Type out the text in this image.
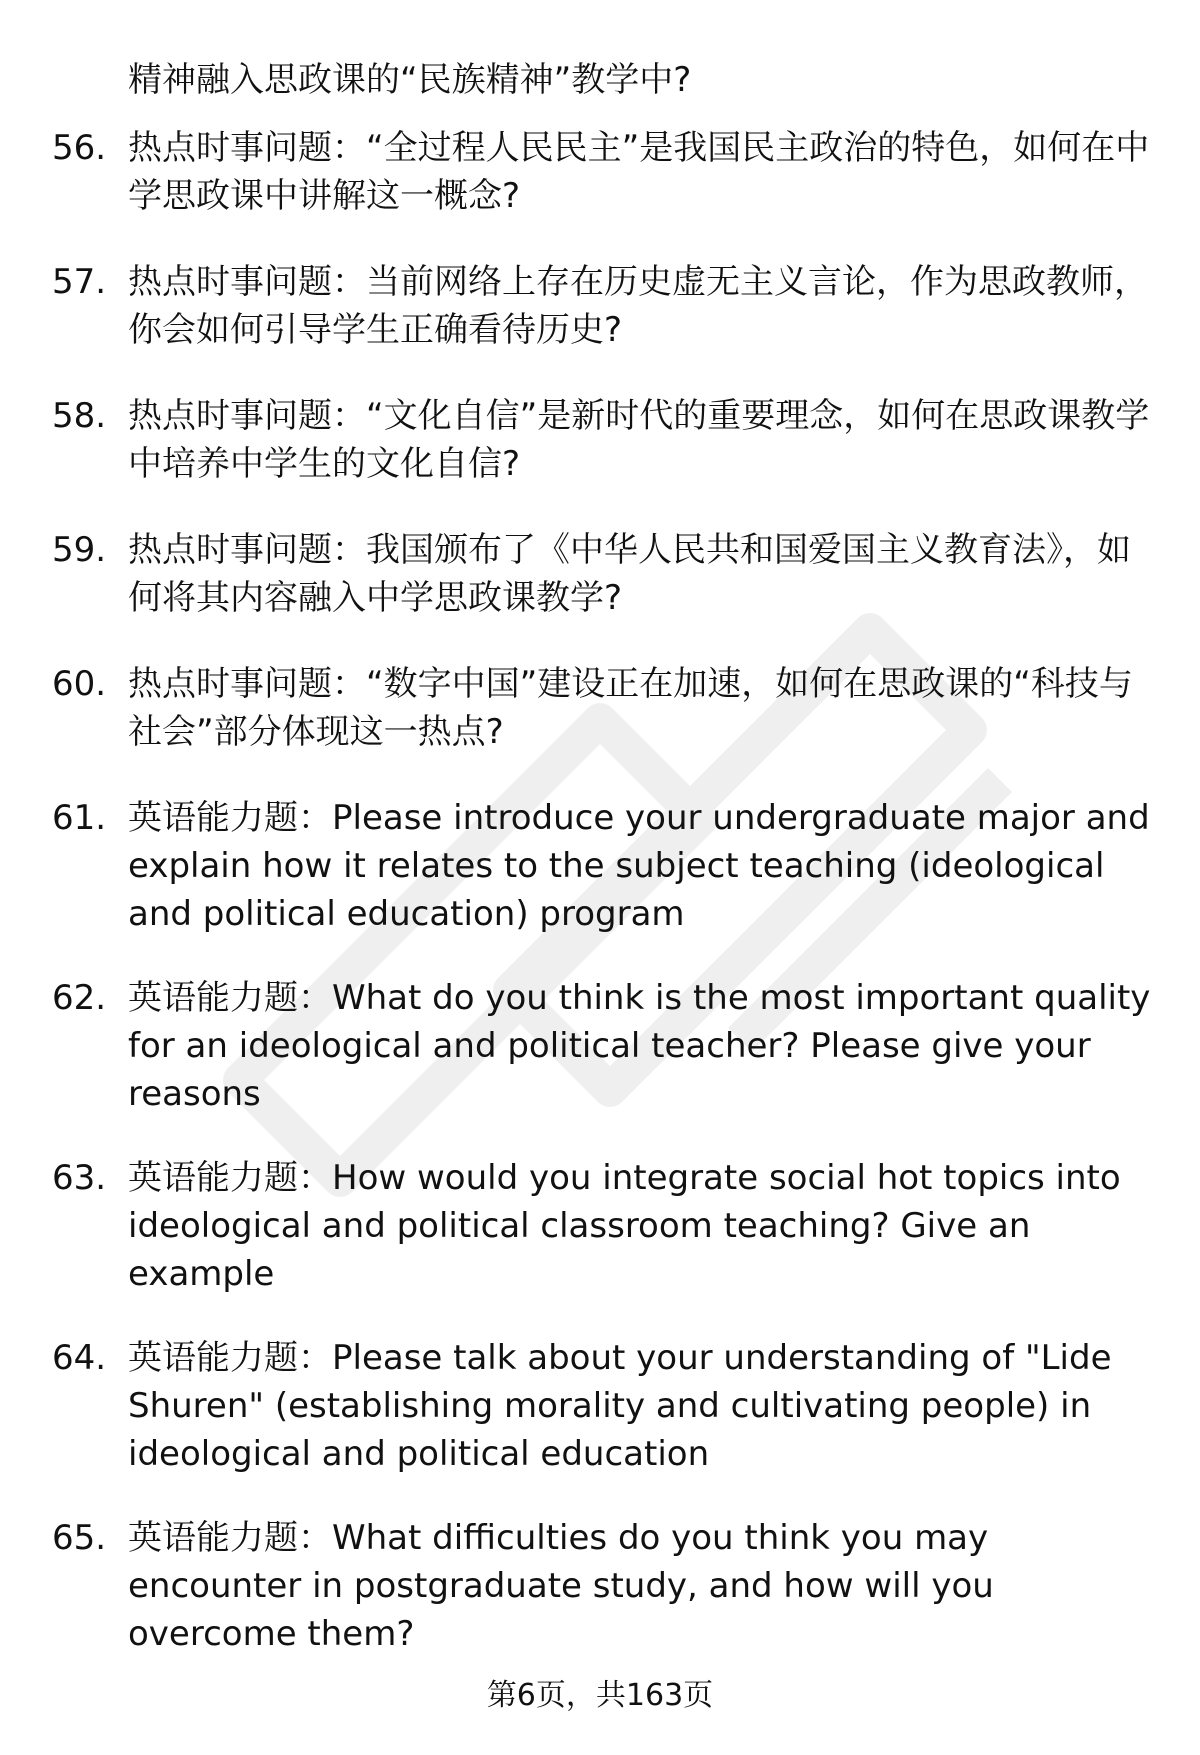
精神融入思政课的“民族精神”教学中?
56. 热点时事问题：“全过程人民民主”是我国民主政治的特色，如何在中学思政课中讲解这一概念?
57. 热点时事问题：当前网络上存在历史虚无主义言论，作为思政教师，你会如何引导学生正确看待历史?
58. 热点时事问题：“文化自信”是新时代的重要理念，如何在思政课教学中培养中学生的文化自信?
59. 热点时事问题：我国颁布了《中华人民共和国爱国主义教育法》，如何将其内容融入中学思政课教学?
60. 热点时事问题：“数字中国”建设正在加速，如何在思政课的“科技与社会”部分体现这一热点?
61. 英语能力题：Please introduce your undergraduate major and explain how it relates to the subject teaching (ideological and political education) program
62. 英语能力题：What do you think is the most important quality for an ideological and political teacher? Please give your reasons
63. 英语能力题：How would you integrate social hot topics into ideological and political classroom teaching? Give an example
64. 英语能力题：Please talk about your understanding of "Lide Shuren" (establishing morality and cultivating people) in ideological and political education
65. 英语能力题：What difficulties do you think you may encounter in postgraduate study, and how will you overcome them?
第6页，共163页
